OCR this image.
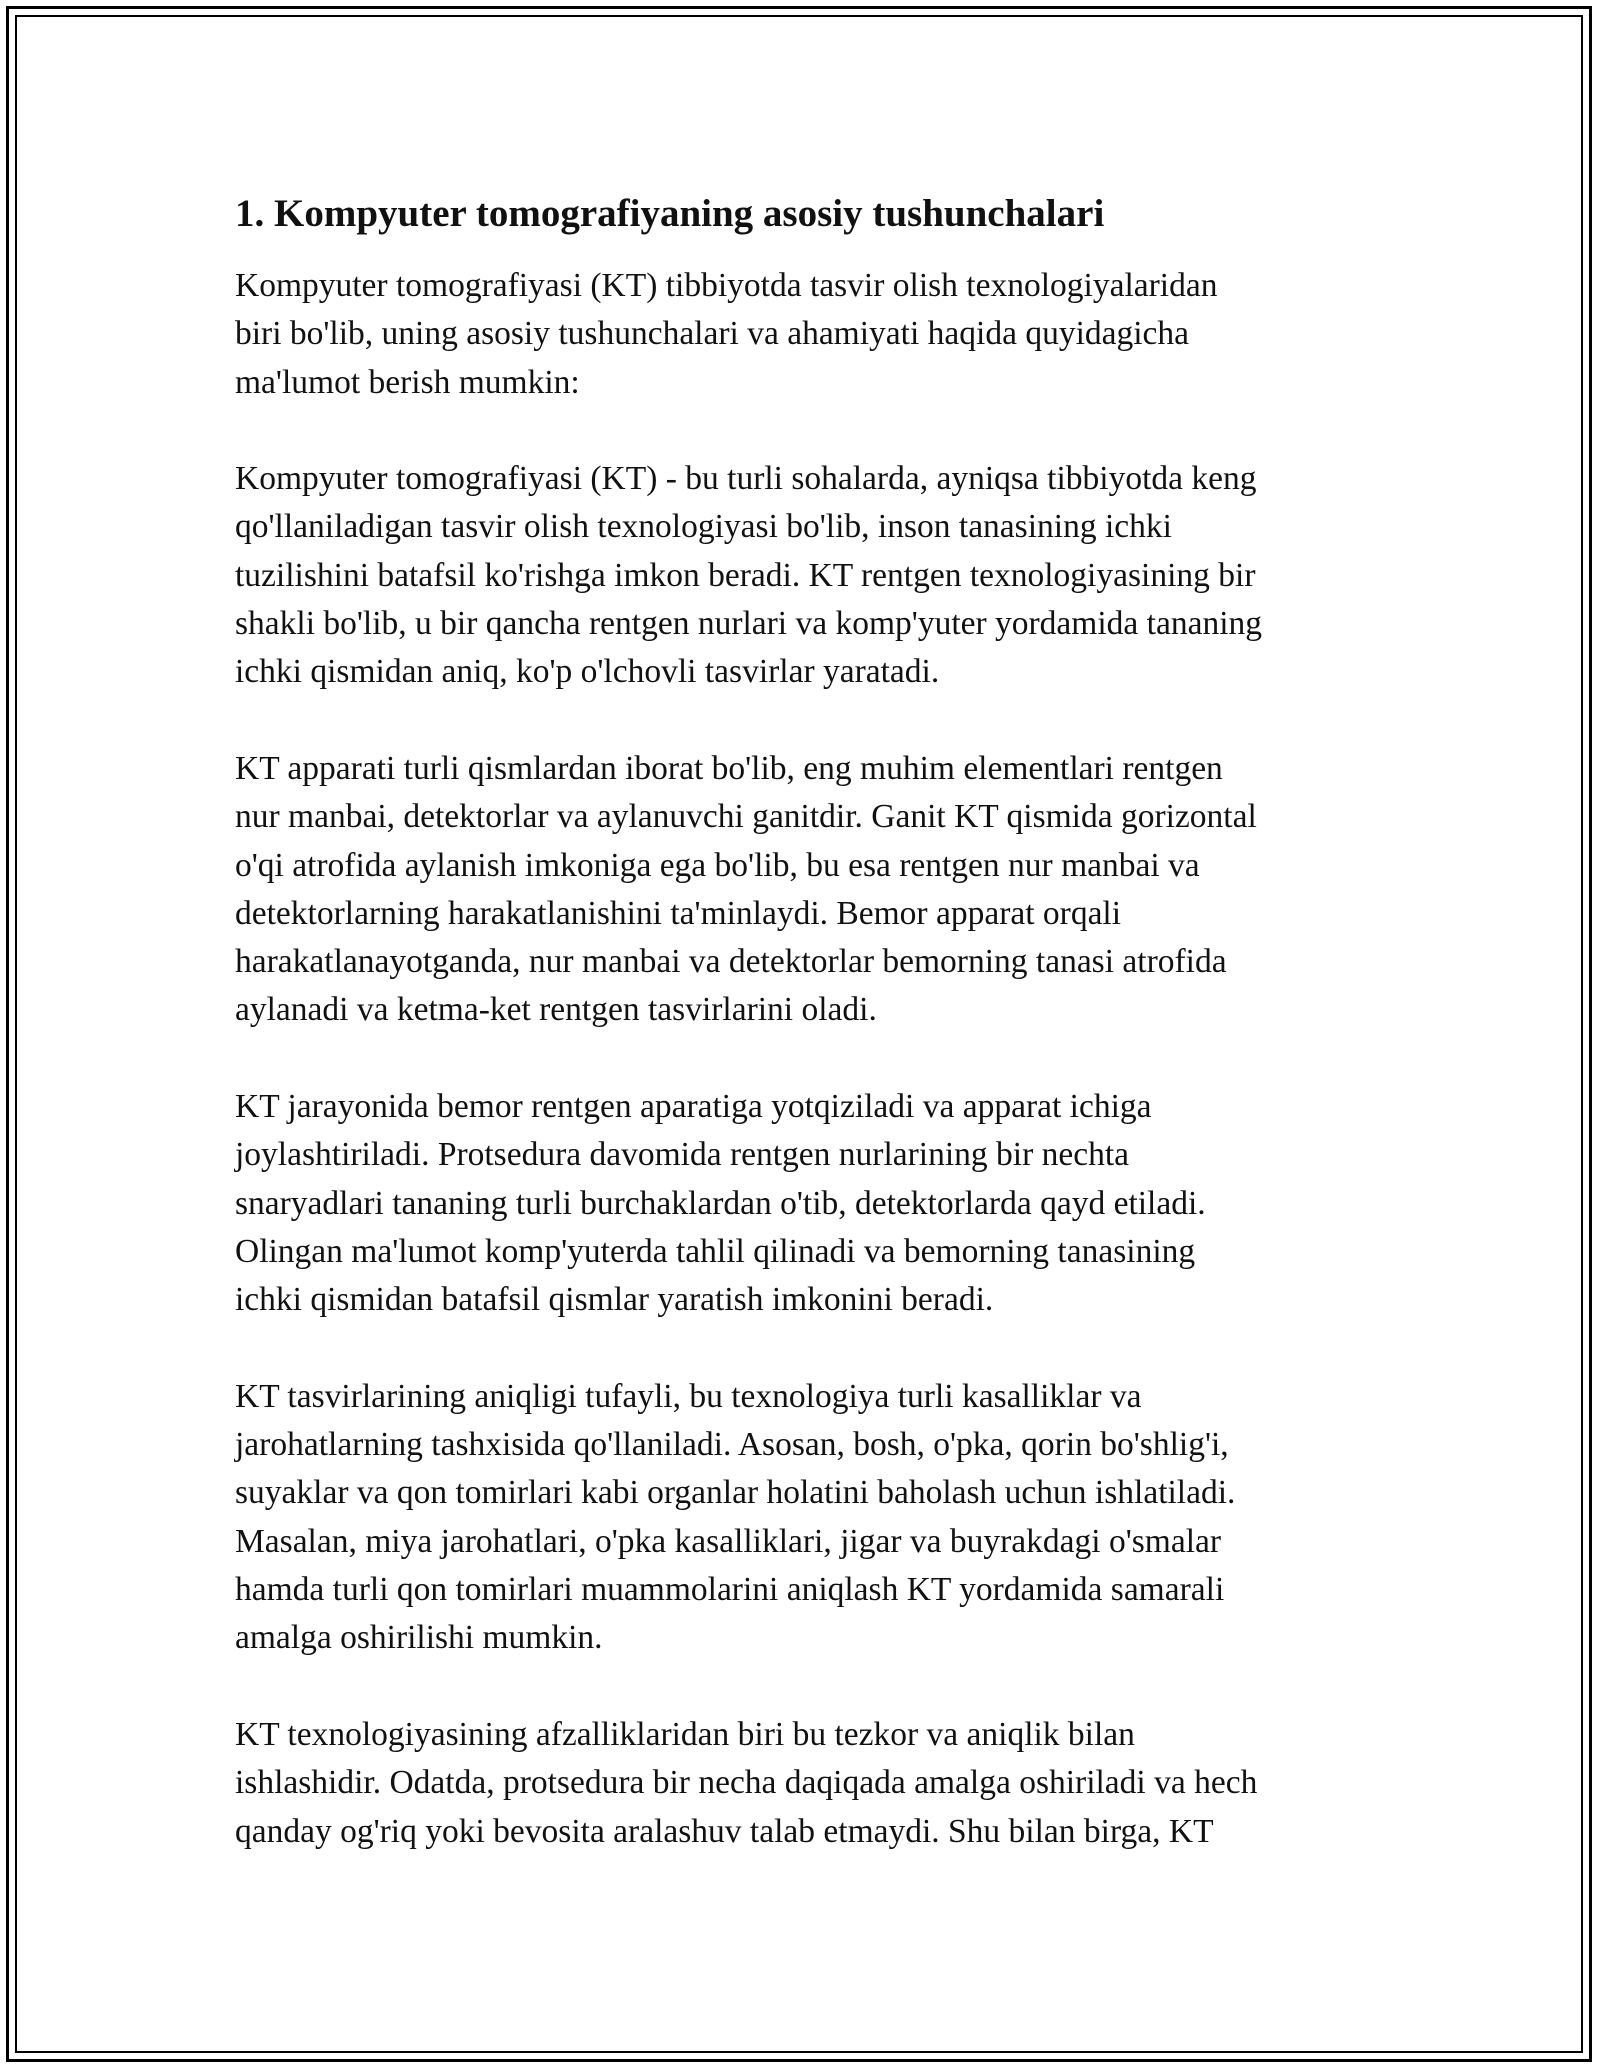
1. Kompyuter tomografiyaning asosiy tushunchalari

Kompyuter tomografiyasi (KT) tibbiyotda tasvir olish texnologiyalaridan
biri bo'lib, uning asosiy tushunchalari va ahamiyati haqida quyidagicha
ma'lumot berish mumkin:

Kompyuter tomografiyasi (KT) - bu turli sohalarda, ayniqsa tibbiyotda keng
qo'llaniladigan tasvir olish texnologiyasi bo'lib, inson tanasining ichki
tuzilishini batafsil ko'rishga imkon beradi. KT rentgen texnologiyasining bir
shakli bo'lib, u bir qancha rentgen nurlari va komp'yuter yordamida tananing
ichki qismidan aniq, ko'p o'lchovli tasvirlar yaratadi.

KT apparati turli qismlardan iborat bo'lib, eng muhim elementlari rentgen
nur manbai, detektorlar va aylanuvchi ganitdir. Ganit KT qismida gorizontal
o'qi atrofida aylanish imkoniga ega bo'lib, bu esa rentgen nur manbai va
detektorlarning harakatlanishini ta'minlaydi. Bemor apparat orqali
harakatlanayotganda, nur manbai va detektorlar bemorning tanasi atrofida
aylanadi va ketma-ket rentgen tasvirlarini oladi.

KT jarayonida bemor rentgen aparatiga yotqiziladi va apparat ichiga
joylashtiriladi. Protsedura davomida rentgen nurlarining bir nechta
snaryadlari tananing turli burchaklardan o'tib, detektorlarda qayd etiladi.
Olingan ma'lumot komp'yuterda tahlil qilinadi va bemorning tanasining
ichki qismidan batafsil qismlar yaratish imkonini beradi.

KT tasvirlarining aniqligi tufayli, bu texnologiya turli kasalliklar va
jarohatlarning tashxisida qo'llaniladi. Asosan, bosh, o'pka, qorin bo'shlig'i,
suyaklar va qon tomirlari kabi organlar holatini baholash uchun ishlatiladi.
Masalan, miya jarohatlari, o'pka kasalliklari, jigar va buyrakdagi o'smalar
hamda turli qon tomirlari muammolarini aniqlash KT yordamida samarali
amalga oshirilishi mumkin.

KT texnologiyasining afzalliklaridan biri bu tezkor va aniqlik bilan
ishlashidir. Odatda, protsedura bir necha daqiqada amalga oshiriladi va hech
qanday og'riq yoki bevosita aralashuv talab etmaydi. Shu bilan birga, KT
